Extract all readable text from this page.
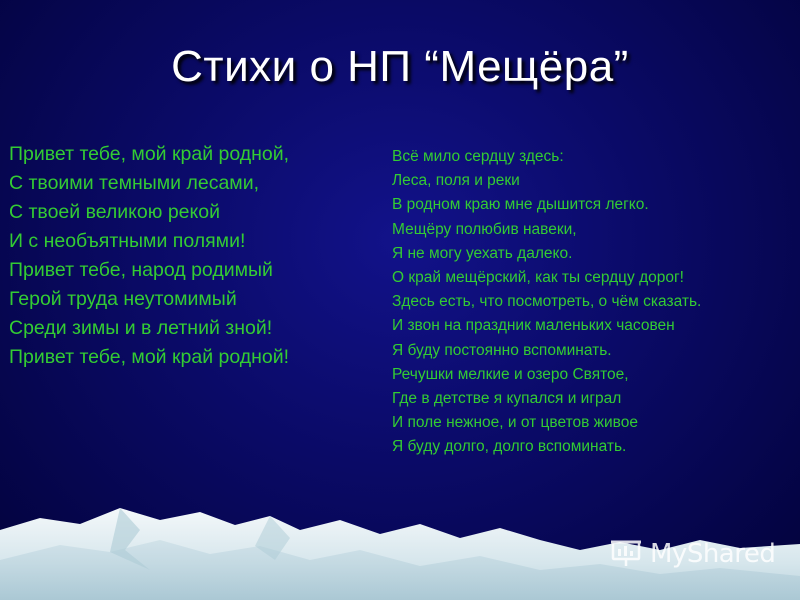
Стихи о НП “Мещёра”
Привет тебе, мой край родной,
С твоими темными лесами,
С твоей великою рекой
И с необъятными полями!
Привет тебе, народ родимый
Герой труда неутомимый
Среди зимы и в летний зной!
Привет тебе, мой край родной!
Всё мило сердцу здесь:
Леса, поля и реки
В родном краю мне дышится легко.
Мещёру полюбив навеки,
Я не могу уехать далеко.
О край мещёрский, как ты сердцу дорог!
Здесь есть, что посмотреть, о чём сказать.
И звон на праздник маленьких часовен
Я буду постоянно вспоминать.
Речушки мелкие и озеро Святое,
Где в детстве я купался и играл
И поле нежное, и от цветов живое
Я буду долго, долго вспоминать.
MyShared
